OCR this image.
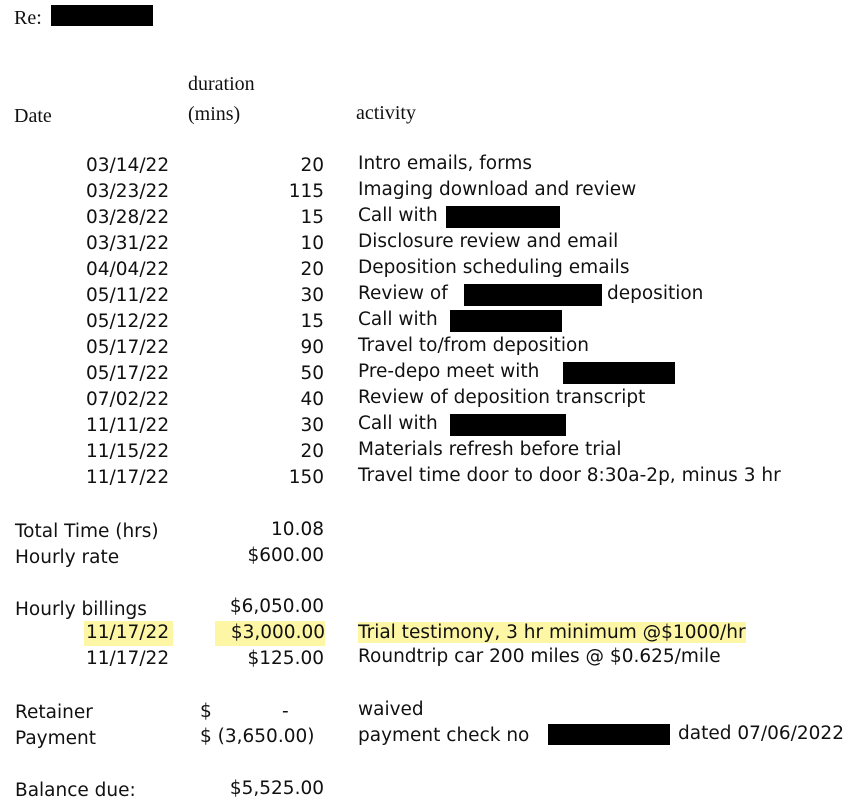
Re:
duration
(mins)
Date	activity
03/14/22	20 Intro emails, forms
03/23/22	115 Imaging download and review
03/28/22	15 Call with
03/31/22	10 Disclosure review and email
04/04/22	20 Deposition scheduling emails
05/11/22	30 Review of	deposition
05/12/22	15 Call with
05/17/22	90 Travel to/from deposition
05/17/22	50 Pre-depo meet with
07/02/22	40 Review of deposition transcript
11/11/22	30 Call with
11/15/22	20 Materials refresh before trial
11/17/22	150 Travel time door to door 8:30a-2p, minus 3 hr
Total Time (hrs)	10.08
Hourly rate	$600.00
Hourly billings	$6,050.00
11/17/22	$3,000.00 Trial testimony, 3 hr minimum @$1000/hr
11/17/22	$125.00 Roundtrip car 200 miles @ $0.625/mile
Retainer	$	-	waived
Payment	$ (3,650.00) payment check no	dated 07/06/2022
Balance due:	$5,525.00
